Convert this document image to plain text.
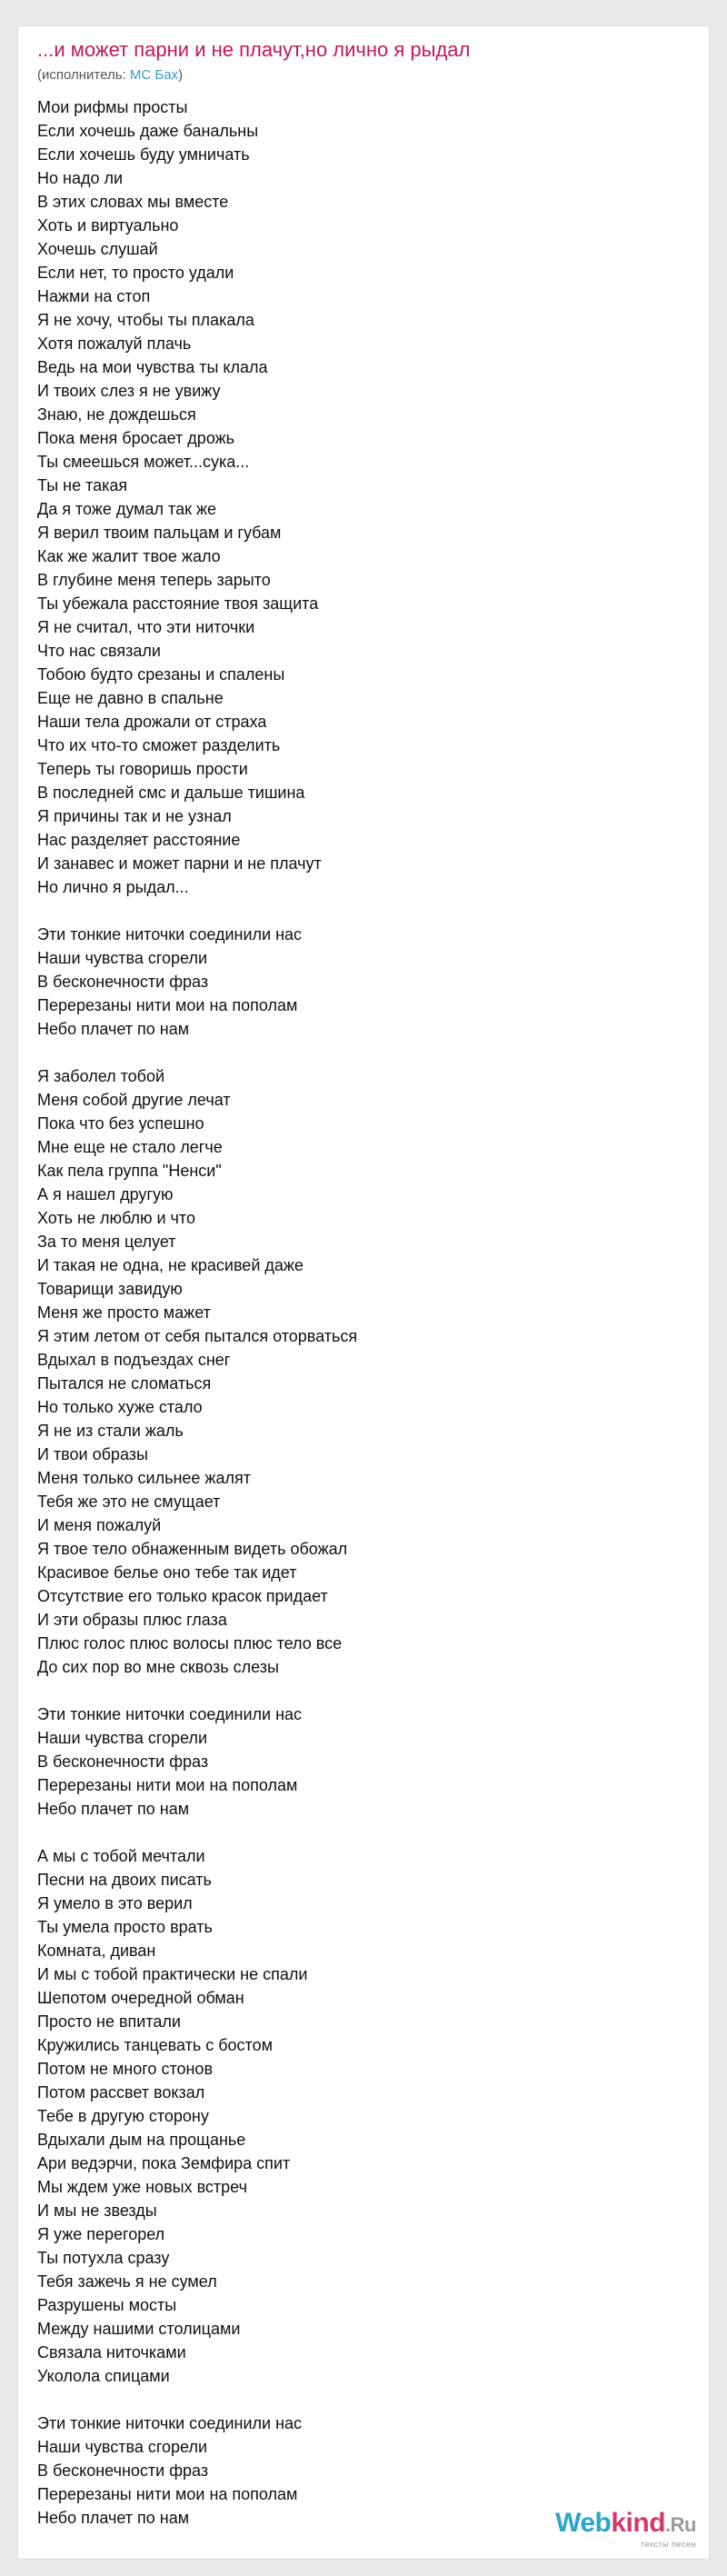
...и может парни и не плачут,но лично я рыдал
(исполнитель: MC Бах)
Мои рифмы просты
Если хочешь даже банальны
Если хочешь буду умничать
Но надо ли
В этих словах мы вместе
Хоть и виртуально
Хочешь слушай
Если нет, то просто удали
Нажми на стоп
Я не хочу, чтобы ты плакала
Хотя пожалуй плачь
Ведь на мои чувства ты клала
И твоих слез я не увижу
Знаю, не дождешься
Пока меня бросает дрожь
Ты смеешься может...сука...
Ты не такая
Да я тоже думал так же
Я верил твоим пальцам и губам
Как же жалит твое жало
В глубине меня теперь зарыто
Ты убежала расстояние твоя защита
Я не считал, что эти ниточки
Что нас связали
Тобою будто срезаны и спалены
Еще не давно в спальне
Наши тела дрожали от страха
Что их что-то сможет разделить
Теперь ты говоришь прости
В последней смс и дальше тишина
Я причины так и не узнал
Нас разделяет расстояние
И занавес и может парни и не плачут
Но лично я рыдал...
Эти тонкие ниточки соединили нас
Наши чувства сгорели
В бесконечности фраз
Перерезаны нити мои на пополам
Небо плачет по нам
Я заболел тобой
Меня собой другие лечат
Пока что без успешно
Мне еще не стало легче
Как пела группа "Ненси"
А я нашел другую
Хоть не люблю и что
За то меня целует
И такая не одна, не красивей даже
Товарищи завидую
Меня же просто мажет
Я этим летом от себя пытался оторваться
Вдыхал в подъездах снег
Пытался не сломаться
Но только хуже стало
Я не из стали жаль
И твои образы
Меня только сильнее жалят
Тебя же это не смущает
И меня пожалуй
Я твое тело обнаженным видеть обожал
Красивое белье оно тебе так идет
Отсутствие его только красок придает
И эти образы плюс глаза
Плюс голос плюс волосы плюс тело все
До сих пор во мне сквозь слезы
Эти тонкие ниточки соединили нас
Наши чувства сгорели
В бесконечности фраз
Перерезаны нити мои на пополам
Небо плачет по нам
А мы с тобой мечтали
Песни на двоих писать
Я умело в это верил
Ты умела просто врать
Комната, диван
И мы с тобой практически не спали
Шепотом очередной обман
Просто не впитали
Кружились танцевать с бостом
Потом не много стонов
Потом рассвет вокзал
Тебе в другую сторону
Вдыхали дым на прощанье
Ари ведэрчи, пока Земфира спит
Мы ждем уже новых встреч
И мы не звезды
Я уже перегорел
Ты потухла сразу
Тебя зажечь я не сумел
Разрушены мосты
Между нашими столицами
Связала ниточками
Уколола спицами
Эти тонкие ниточки соединили нас
Наши чувства сгорели
В бесконечности фраз
Перерезаны нити мои на пополам
Небо плачет по нам	Webkind.Ru
тексты песен
